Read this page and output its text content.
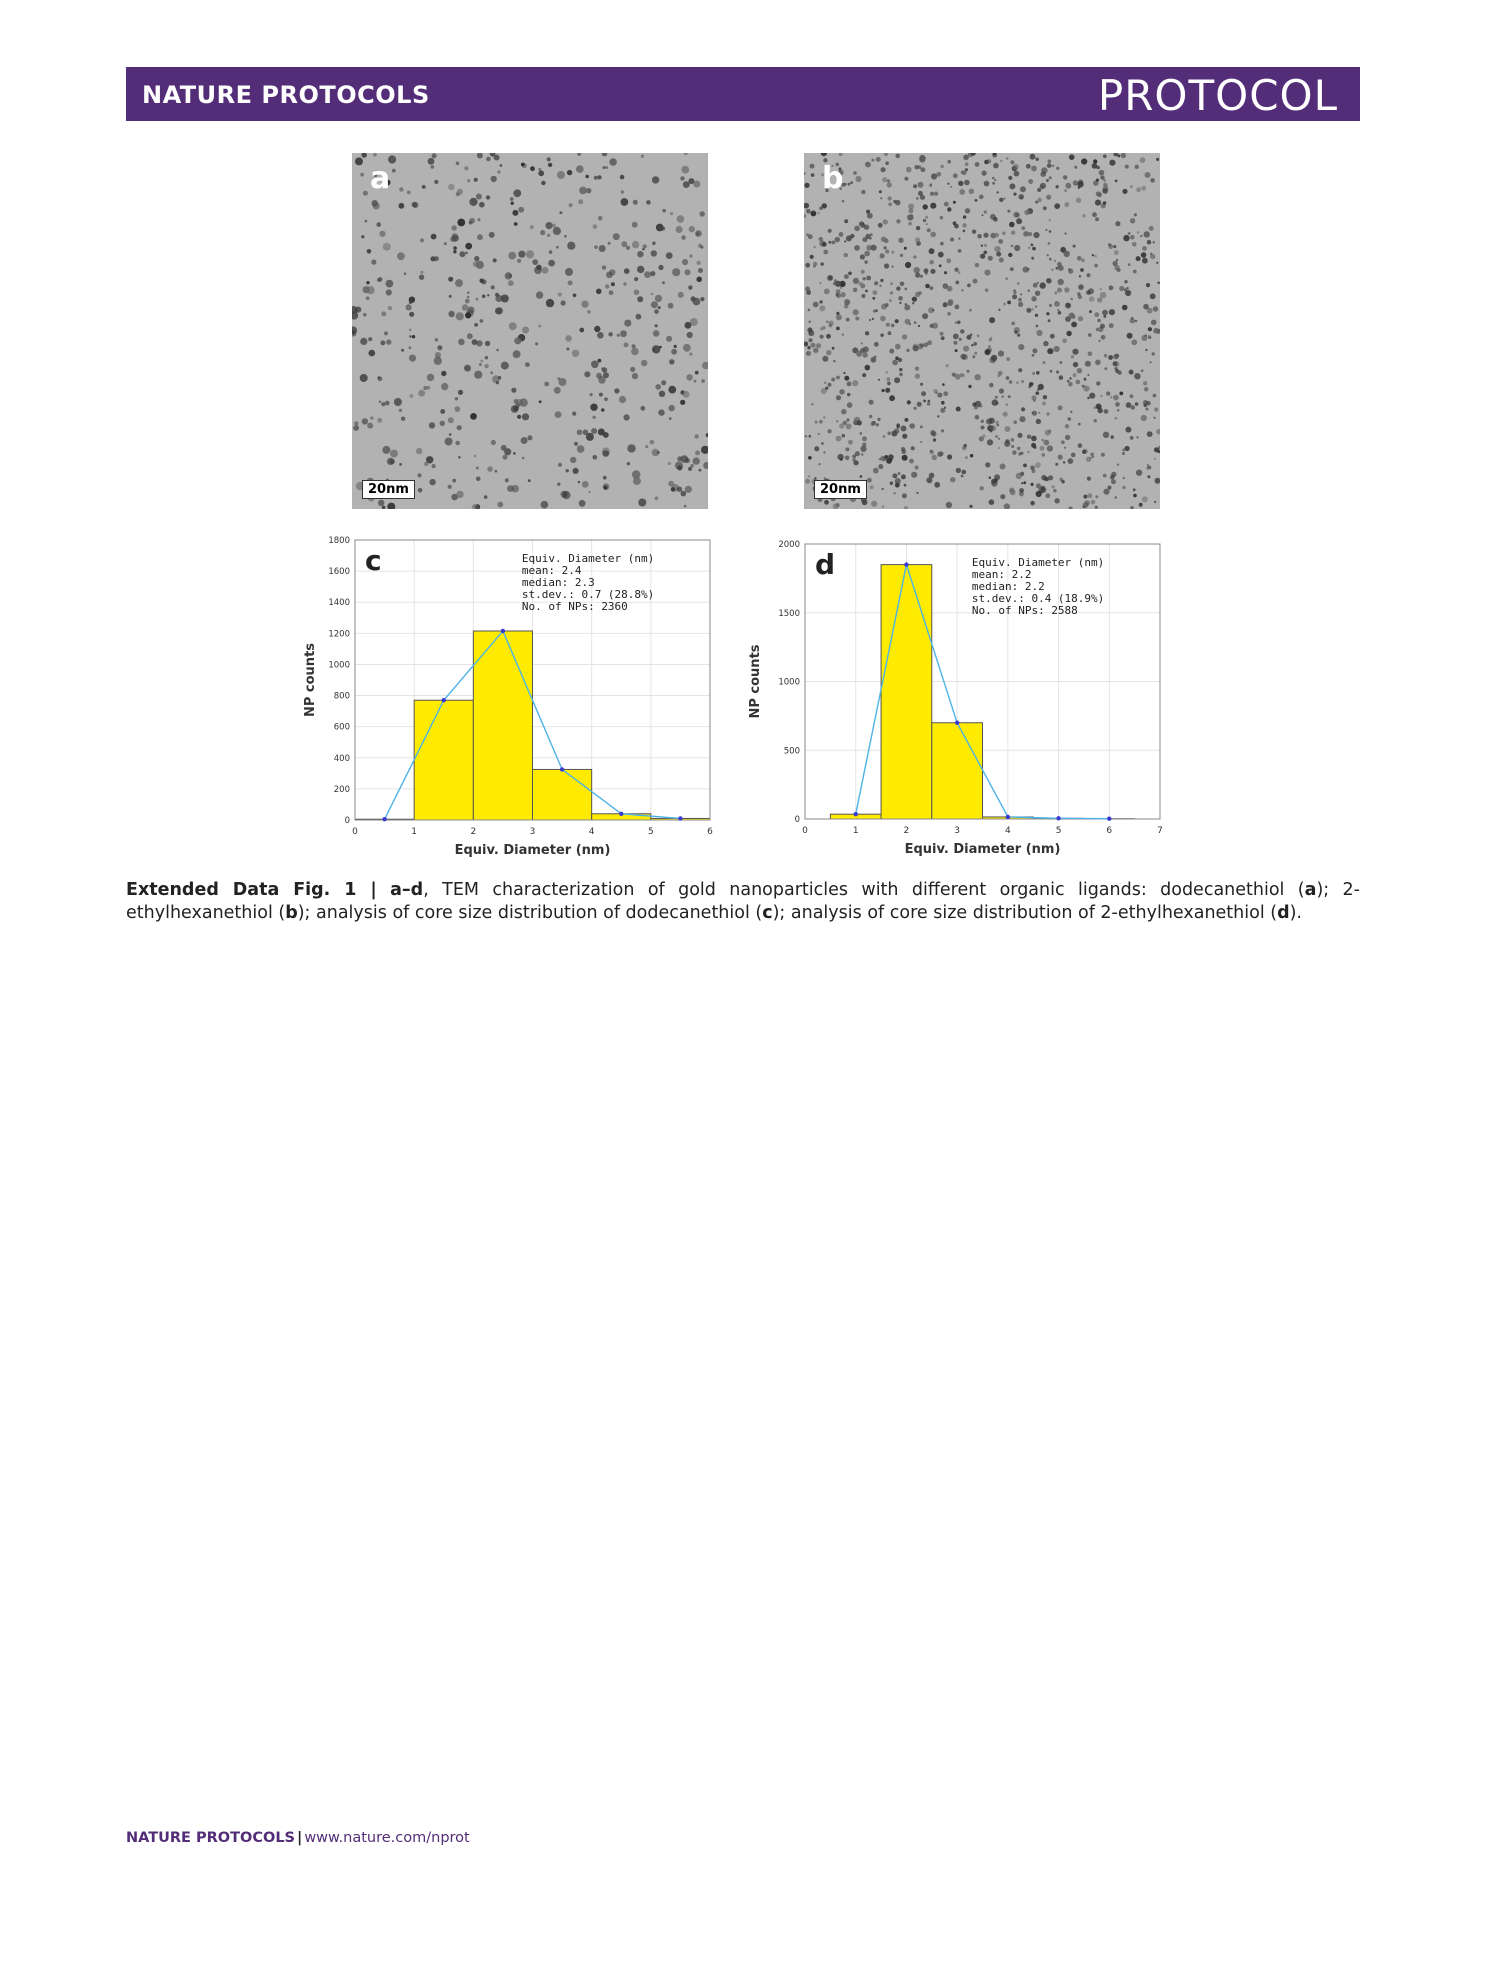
NATURE PROTOCOLS	PROTOCOL
a
20nm
b
20nm
0	1	2	3	4	5	6
0
200
400
600
800
1000
1200
1400
1600
1800
Equiv. Diameter (nm)
NP counts
c	Equiv. Diameter (nm)
mean: 2.4
median: 2.3
st.dev.: 0.7 (28.8%)
No. of NPs: 2360
0	1	2	3	4	5	6	7
0
500
1000
1500
2000
Equiv. Diameter (nm)
NP counts
d	Equiv. Diameter (nm)
mean: 2.2
median: 2.2
st.dev.: 0.4 (18.9%)
No. of NPs: 2588
Extended Data Fig. 1 | a–d, TEM characterization of gold nanoparticles with different organic ligands: dodecanethiol (a); 2-ethylhexanethiol (b); analysis of core size distribution of dodecanethiol (c); analysis of core size distribution of 2-ethylhexanethiol (d).
NATURE PROTOCOLS | www.nature.com/nprot
